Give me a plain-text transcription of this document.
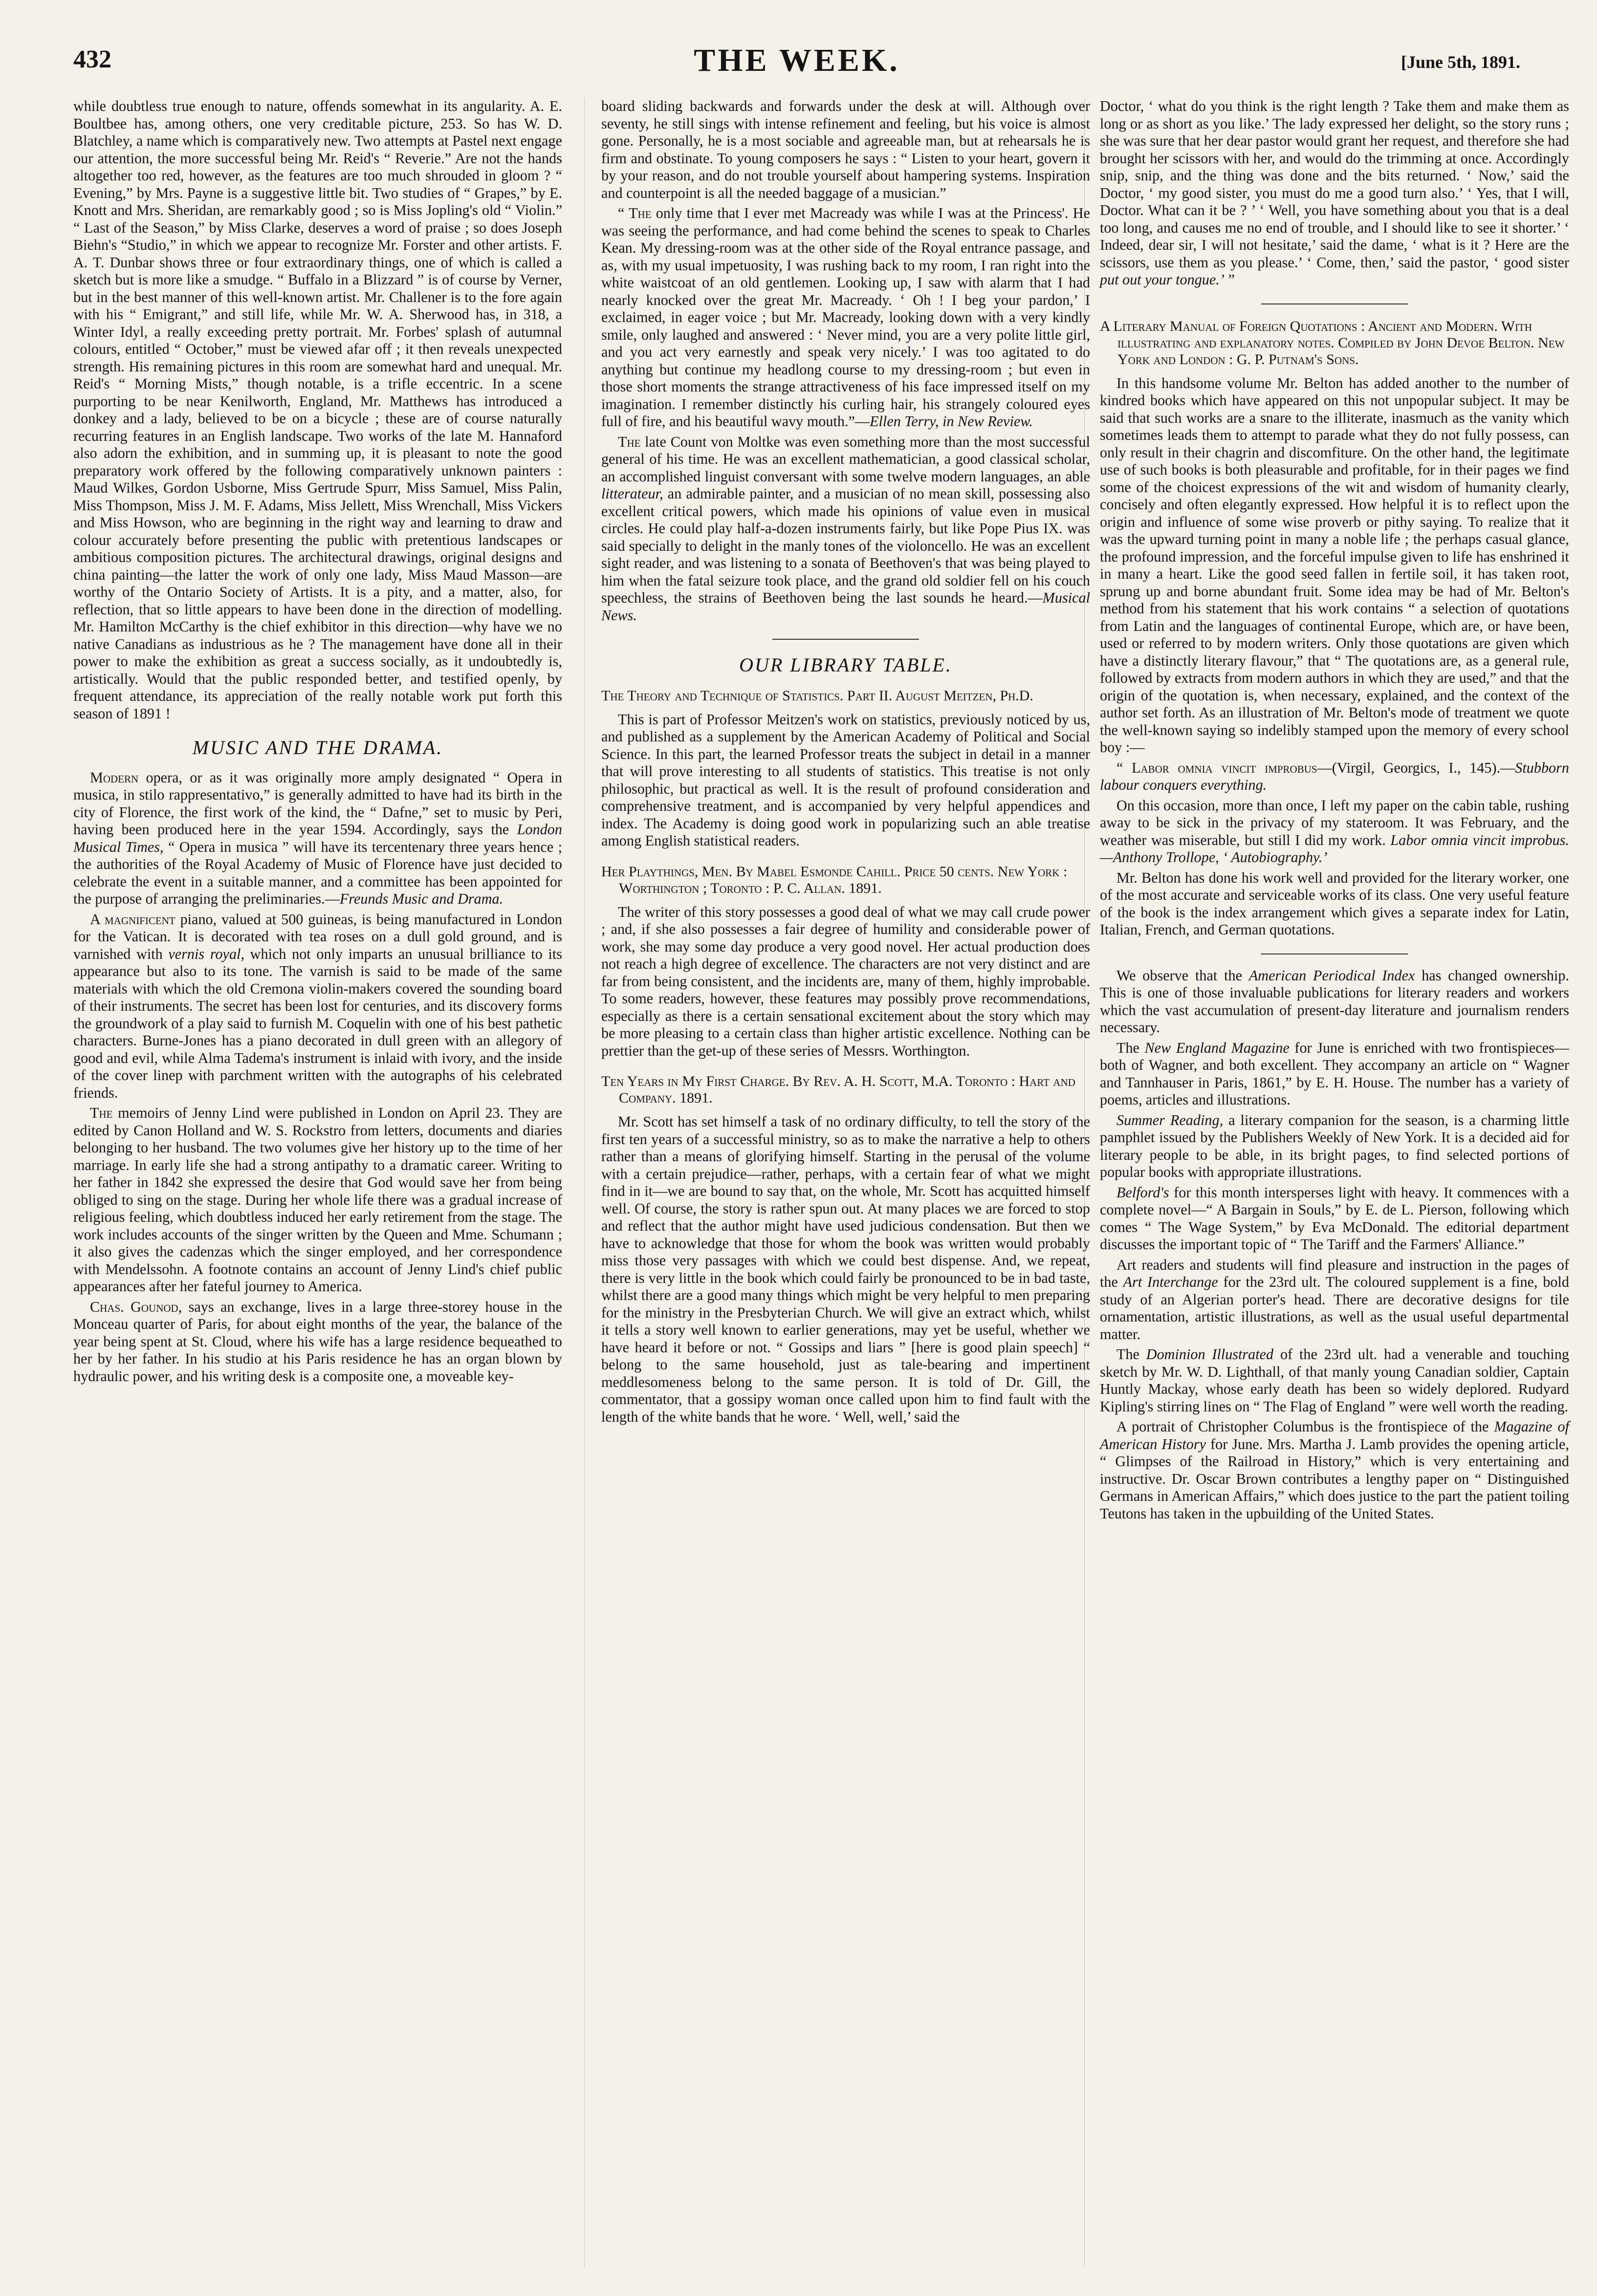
432	THE WEEK.	[June 5th, 1891.

while doubtless true enough to nature, offends somewhat in its angularity. A. E. Boultbee has, among others, one very creditable picture, 253. So has W. D. Blatchley, a name which is comparatively new. Two attempts at Pastel next engage our attention, the more successful being Mr. Reid's “ Reverie.” Are not the hands altogether too red, however, as the features are too much shrouded in gloom ? “ Evening,” by Mrs. Payne is a suggestive little bit. Two studies of “ Grapes,” by E. Knott and Mrs. Sheridan, are remarkably good ; so is Miss Jopling's old “ Violin.” “ Last of the Season,” by Miss Clarke, deserves a word of praise ; so does Joseph Biehn's “Studio,” in which we appear to recognize Mr. Forster and other artists. F. A. T. Dunbar shows three or four extraordinary things, one of which is called a sketch but is more like a smudge. “ Buffalo in a Blizzard ” is of course by Verner, but in the best manner of this well-known artist. Mr. Challener is to the fore again with his “ Emigrant,” and still life, while Mr. W. A. Sherwood has, in 318, a Winter Idyl, a really exceeding pretty portrait. Mr. Forbes' splash of autumnal colours, entitled “ October,” must be viewed afar off ; it then reveals unexpected strength. His remaining pictures in this room are somewhat hard and unequal. Mr. Reid's “ Morning Mists,” though notable, is a trifle eccentric. In a scene purporting to be near Kenilworth, England, Mr. Matthews has introduced a donkey and a lady, believed to be on a bicycle ; these are of course naturally recurring features in an English landscape. Two works of the late M. Hannaford also adorn the exhibition, and in summing up, it is pleasant to note the good preparatory work offered by the following comparatively unknown painters : Maud Wilkes, Gordon Usborne, Miss Gertrude Spurr, Miss Samuel, Miss Palin, Miss Thompson, Miss J. M. F. Adams, Miss Jellett, Miss Wrenchall, Miss Vickers and Miss Howson, who are beginning in the right way and learning to draw and colour accurately before presenting the public with pretentious landscapes or ambitious composition pictures. The architectural drawings, original designs and china painting—the latter the work of only one lady, Miss Maud Masson—are worthy of the Ontario Society of Artists. It is a pity, and a matter, also, for reflection, that so little appears to have been done in the direction of modelling. Mr. Hamilton McCarthy is the chief exhibitor in this direction—why have we no native Canadians as industrious as he ? The management have done all in their power to make the exhibition as great a success socially, as it undoubtedly is, artistically. Would that the public responded better, and testified openly, by frequent attendance, its appreciation of the really notable work put forth this season of 1891 !

MUSIC AND THE DRAMA.

Modern opera, or as it was originally more amply designated “ Opera in musica, in stilo rappresentativo,” is generally admitted to have had its birth in the city of Florence, the first work of the kind, the “ Dafne,” set to music by Peri, having been produced here in the year 1594. Accordingly, says the London Musical Times, “ Opera in musica ” will have its tercentenary three years hence ; the authorities of the Royal Academy of Music of Florence have just decided to celebrate the event in a suitable manner, and a committee has been appointed for the purpose of arranging the preliminaries.—Freunds Music and Drama.

A magnificent piano, valued at 500 guineas, is being manufactured in London for the Vatican. It is decorated with tea roses on a dull gold ground, and is varnished with vernis royal, which not only imparts an unusual brilliance to its appearance but also to its tone. The varnish is said to be made of the same materials with which the old Cremona violin-makers covered the sounding board of their instruments. The secret has been lost for centuries, and its discovery forms the groundwork of a play said to furnish M. Coquelin with one of his best pathetic characters. Burne-Jones has a piano decorated in dull green with an allegory of good and evil, while Alma Tadema's instrument is inlaid with ivory, and the inside of the cover linep with parchment written with the autographs of his celebrated friends.

The memoirs of Jenny Lind were published in London on April 23. They are edited by Canon Holland and W. S. Rockstro from letters, documents and diaries belonging to her husband. The two volumes give her history up to the time of her marriage. In early life she had a strong antipathy to a dramatic career. Writing to her father in 1842 she expressed the desire that God would save her from being obliged to sing on the stage. During her whole life there was a gradual increase of religious feeling, which doubtless induced her early retirement from the stage. The work includes accounts of the singer written by the Queen and Mme. Schumann ; it also gives the cadenzas which the singer employed, and her correspondence with Mendelssohn. A footnote contains an account of Jenny Lind's chief public appearances after her fateful journey to America.

Chas. Gounod, says an exchange, lives in a large three-storey house in the Monceau quarter of Paris, for about eight months of the year, the balance of the year being spent at St. Cloud, where his wife has a large residence bequeathed to her by her father. In his studio at his Paris residence he has an organ blown by hydraulic power, and his writing desk is a composite one, a moveable key-

board sliding backwards and forwards under the desk at will. Although over seventy, he still sings with intense refinement and feeling, but his voice is almost gone. Personally, he is a most sociable and agreeable man, but at rehearsals he is firm and obstinate. To young composers he says : “ Listen to your heart, govern it by your reason, and do not trouble yourself about hampering systems. Inspiration and counterpoint is all the needed baggage of a musician.”

“ The only time that I ever met Macready was while I was at the Princess'. He was seeing the performance, and had come behind the scenes to speak to Charles Kean. My dressing-room was at the other side of the Royal entrance passage, and as, with my usual impetuosity, I was rushing back to my room, I ran right into the white waistcoat of an old gentlemen. Looking up, I saw with alarm that I had nearly knocked over the great Mr. Macready. ‘ Oh ! I beg your pardon,’ I exclaimed, in eager voice ; but Mr. Macready, looking down with a very kindly smile, only laughed and answered : ‘ Never mind, you are a very polite little girl, and you act very earnestly and speak very nicely.’ I was too agitated to do anything but continue my headlong course to my dressing-room ; but even in those short moments the strange attractiveness of his face impressed itself on my imagination. I remember distinctly his curling hair, his strangely coloured eyes full of fire, and his beautiful wavy mouth.”—Ellen Terry, in New Review.

The late Count von Moltke was even something more than the most successful general of his time. He was an excellent mathematician, a good classical scholar, an accomplished linguist conversant with some twelve modern languages, an able litterateur, an admirable painter, and a musician of no mean skill, possessing also excellent critical powers, which made his opinions of value even in musical circles. He could play half-a-dozen instruments fairly, but like Pope Pius IX. was said specially to delight in the manly tones of the violoncello. He was an excellent sight reader, and was listening to a sonata of Beethoven's that was being played to him when the fatal seizure took place, and the grand old soldier fell on his couch speechless, the strains of Beethoven being the last sounds he heard.—Musical News.

OUR LIBRARY TABLE.
The Theory and Technique of Statistics. Part II. August Meitzen, Ph.D.

This is part of Professor Meitzen's work on statistics, previously noticed by us, and published as a supplement by the American Academy of Political and Social Science. In this part, the learned Professor treats the subject in detail in a manner that will prove interesting to all students of statistics. This treatise is not only philosophic, but practical as well. It is the result of profound consideration and comprehensive treatment, and is accompanied by very helpful appendices and index. The Academy is doing good work in popularizing such an able treatise among English statistical readers.

Her Playthings, Men. By Mabel Esmonde Cahill. Price 50 cents. New York : Worthington ; Toronto : P. C. Allan. 1891.

The writer of this story possesses a good deal of what we may call crude power ; and, if she also possesses a fair degree of humility and considerable power of work, she may some day produce a very good novel. Her actual production does not reach a high degree of excellence. The characters are not very distinct and are far from being consistent, and the incidents are, many of them, highly improbable. To some readers, however, these features may possibly prove recommendations, especially as there is a certain sensational excitement about the story which may be more pleasing to a certain class than higher artistic excellence. Nothing can be prettier than the get-up of these series of Messrs. Worthington.

Ten Years in My First Charge. By Rev. A. H. Scott, M.A. Toronto : Hart and Company. 1891.

Mr. Scott has set himself a task of no ordinary difficulty, to tell the story of the first ten years of a successful ministry, so as to make the narrative a help to others rather than a means of glorifying himself. Starting in the perusal of the volume with a certain prejudice—rather, perhaps, with a certain fear of what we might find in it—we are bound to say that, on the whole, Mr. Scott has acquitted himself well. Of course, the story is rather spun out. At many places we are forced to stop and reflect that the author might have used judicious condensation. But then we have to acknowledge that those for whom the book was written would probably miss those very passages with which we could best dispense. And, we repeat, there is very little in the book which could fairly be pronounced to be in bad taste, whilst there are a good many things which might be very helpful to men preparing for the ministry in the Presbyterian Church. We will give an extract which, whilst it tells a story well known to earlier generations, may yet be useful, whether we have heard it before or not. “ Gossips and liars ” [here is good plain speech] “ belong to the same household, just as tale-bearing and impertinent meddlesomeness belong to the same person. It is told of Dr. Gill, the commentator, that a gossipy woman once called upon him to find fault with the length of the white bands that he wore. ‘ Well, well,’ said the

Doctor, ‘ what do you think is the right length ? Take them and make them as long or as short as you like.’ The lady expressed her delight, so the story runs ; she was sure that her dear pastor would grant her request, and therefore she had brought her scissors with her, and would do the trimming at once. Accordingly snip, snip, and the thing was done and the bits returned. ‘ Now,’ said the Doctor, ‘ my good sister, you must do me a good turn also.’ ‘ Yes, that I will, Doctor. What can it be ? ’ ‘ Well, you have something about you that is a deal too long, and causes me no end of trouble, and I should like to see it shorter.’ ‘ Indeed, dear sir, I will not hesitate,’ said the dame, ‘ what is it ? Here are the scissors, use them as you please.’ ‘ Come, then,’ said the pastor, ‘ good sister put out your tongue.’ ”

A Literary Manual of Foreign Quotations : Ancient and Modern. With illustrating and explanatory notes. Compiled by John Devoe Belton. New York and London : G. P. Putnam's Sons.

In this handsome volume Mr. Belton has added another to the number of kindred books which have appeared on this not unpopular subject. It may be said that such works are a snare to the illiterate, inasmuch as the vanity which sometimes leads them to attempt to parade what they do not fully possess, can only result in their chagrin and discomfiture. On the other hand, the legitimate use of such books is both pleasurable and profitable, for in their pages we find some of the choicest expressions of the wit and wisdom of humanity clearly, concisely and often elegantly expressed. How helpful it is to reflect upon the origin and influence of some wise proverb or pithy saying. To realize that it was the upward turning point in many a noble life ; the perhaps casual glance, the profound impression, and the forceful impulse given to life has enshrined it in many a heart. Like the good seed fallen in fertile soil, it has taken root, sprung up and borne abundant fruit. Some idea may be had of Mr. Belton's method from his statement that his work contains “ a selection of quotations from Latin and the languages of continental Europe, which are, or have been, used or referred to by modern writers. Only those quotations are given which have a distinctly literary flavour,” that “ The quotations are, as a general rule, followed by extracts from modern authors in which they are used,” and that the origin of the quotation is, when necessary, explained, and the context of the author set forth. As an illustration of Mr. Belton's mode of treatment we quote the well-known saying so indelibly stamped upon the memory of every school boy :—

“ Labor omnia vincit improbus—(Virgil, Georgics, I., 145).—Stubborn labour conquers everything.

On this occasion, more than once, I left my paper on the cabin table, rushing away to be sick in the privacy of my stateroom. It was February, and the weather was miserable, but still I did my work. Labor omnia vincit improbus.—Anthony Trollope, ‘ Autobiography.’

Mr. Belton has done his work well and provided for the literary worker, one of the most accurate and serviceable works of its class. One very useful feature of the book is the index arrangement which gives a separate index for Latin, Italian, French, and German quotations.

We observe that the American Periodical Index has changed ownership. This is one of those invaluable publications for literary readers and workers which the vast accumulation of present-day literature and journalism renders necessary.

The New England Magazine for June is enriched with two frontispieces—both of Wagner, and both excellent. They accompany an article on “ Wagner and Tannhauser in Paris, 1861,” by E. H. House. The number has a variety of poems, articles and illustrations.

Summer Reading, a literary companion for the season, is a charming little pamphlet issued by the Publishers Weekly of New York. It is a decided aid for literary people to be able, in its bright pages, to find selected portions of popular books with appropriate illustrations.

Belford's for this month intersperses light with heavy. It commences with a complete novel—“ A Bargain in Souls,” by E. de L. Pierson, following which comes “ The Wage System,” by Eva McDonald. The editorial department discusses the important topic of “ The Tariff and the Farmers' Alliance.”

Art readers and students will find pleasure and instruction in the pages of the Art Interchange for the 23rd ult. The coloured supplement is a fine, bold study of an Algerian porter's head. There are decorative designs for tile ornamentation, artistic illustrations, as well as the usual useful departmental matter.

The Dominion Illustrated of the 23rd ult. had a venerable and touching sketch by Mr. W. D. Lighthall, of that manly young Canadian soldier, Captain Huntly Mackay, whose early death has been so widely deplored. Rudyard Kipling's stirring lines on “ The Flag of England ” were well worth the reading.

A portrait of Christopher Columbus is the frontispiece of the Magazine of American History for June. Mrs. Martha J. Lamb provides the opening article, “ Glimpses of the Railroad in History,” which is very entertaining and instructive. Dr. Oscar Brown contributes a lengthy paper on “ Distinguished Germans in American Affairs,” which does justice to the part the patient toiling Teutons has taken in the upbuilding of the United States.
